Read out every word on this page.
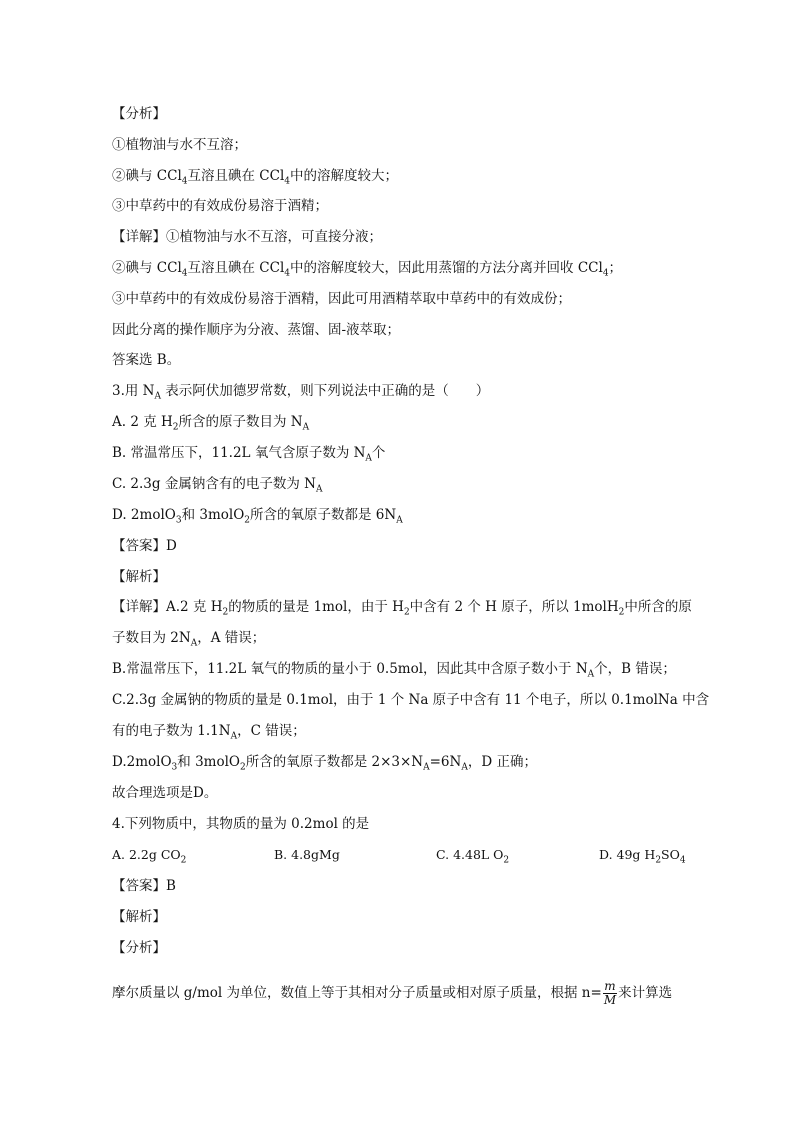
【分析】
①植物油与水不互溶；
②碘与 CCl$_4$互溶且碘在 CCl$_4$中的溶解度较大；
③中草药中的有效成份易溶于酒精；
【详解】①植物油与水不互溶，可直接分液；
②碘与 CCl$_4$互溶且碘在 CCl$_4$中的溶解度较大，因此用蒸馏的方法分离并回收 CCl$_4$；
③中草药中的有效成份易溶于酒精，因此可用酒精萃取中草药中的有效成份；
因此分离的操作顺序为分液、蒸馏、固-液萃取；
答案选 B。
3.用 $N_A$ 表示阿伏加德罗常数，则下列说法中正确的是（　　）
A. 2 克 $H_2$所含的原子数目为 $N_A$
B. 常温常压下，11.2L 氧气含原子数为 $N_A$个
C. 2.3g 金属钠含有的电子数为 $N_A$
D. 2molO$_3$和 3molO$_2$所含的氧原子数都是 $6N_A$
【答案】D
【解析】
【详解】A.2 克 $H_2$的物质的量是 1mol，由于 $H_2$中含有 2 个 H 原子，所以 1molH$_2$中所含的原
子数目为 $2N_A$，A 错误；
B.常温常压下，11.2L 氧气的物质的量小于 0.5mol，因此其中含原子数小于 $N_A$个，B 错误；
C.2.3g 金属钠的物质的量是 0.1mol，由于 1 个 Na 原子中含有 11 个电子，所以 0.1molNa 中含
有的电子数为 $1.1N_A$，C 错误；
D.2molO$_3$和 3molO$_2$所含的氧原子数都是 $2\times 3\times N_A=6N_A$，D 正确；
故合理选项是D。
4.下列物质中，其物质的量为 0.2mol 的是
A. 2.2g $CO_2$	B. 4.8gMg	C. 4.48L $O_2$	D. 49g $H_2SO_4$
【答案】B
【解析】
【分析】
摩尔质量以 g/mol 为单位，数值上等于其相对分子质量或相对原子质量，根据 $n= \frac{m}{M}$ 来计算选
